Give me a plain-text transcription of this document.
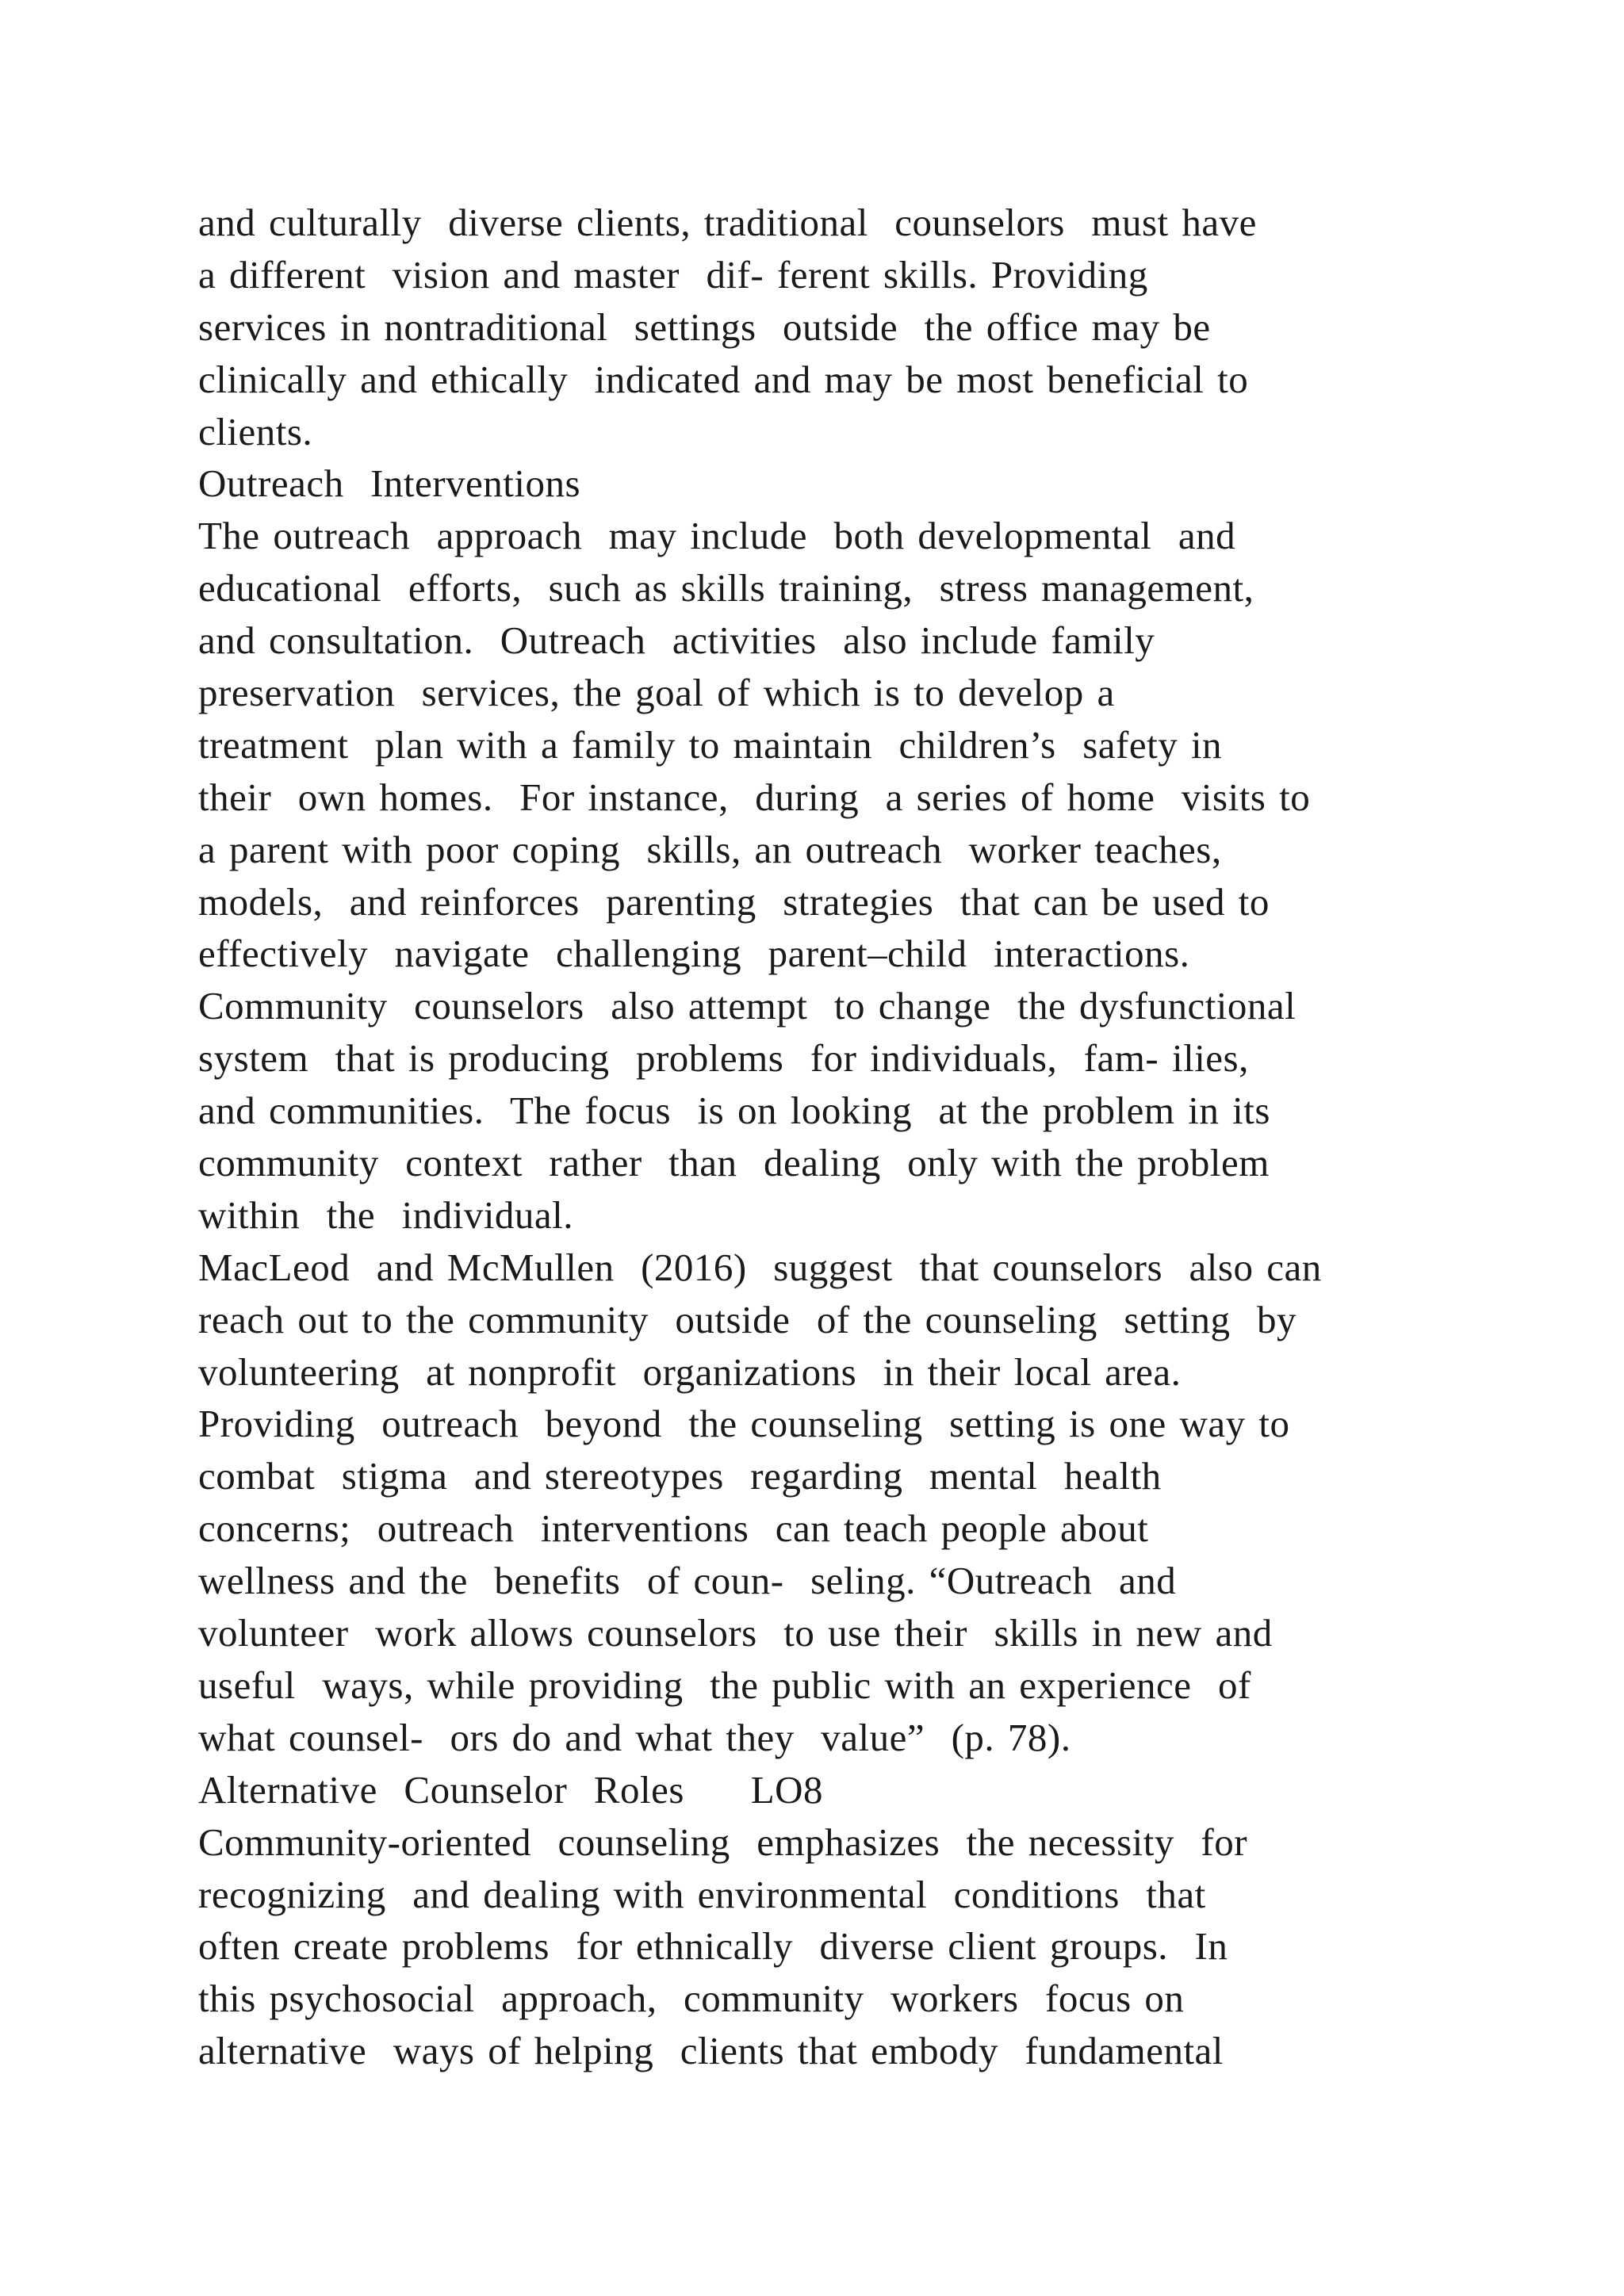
and culturally  diverse clients, traditional  counselors  must have
a different  vision and master  dif- ferent skills. Providing
services in nontraditional  settings  outside  the office may be
clinically and ethically  indicated and may be most beneficial to
clients.
Outreach  Interventions
The outreach  approach  may include  both developmental  and
educational  efforts,  such as skills training,  stress management,
and consultation.  Outreach  activities  also include family
preservation  services, the goal of which is to develop a
treatment  plan with a family to maintain  children’s  safety in
their  own homes.  For instance,  during  a series of home  visits to
a parent with poor coping  skills, an outreach  worker teaches,
models,  and reinforces  parenting  strategies  that can be used to
effectively  navigate  challenging  parent–child  interactions.
Community  counselors  also attempt  to change  the dysfunctional
system  that is producing  problems  for individuals,  fam- ilies,
and communities.  The focus  is on looking  at the problem in its
community  context  rather  than  dealing  only with the problem
within  the  individual.
MacLeod  and McMullen  (2016)  suggest  that counselors  also can
reach out to the community  outside  of the counseling  setting  by
volunteering  at nonprofit  organizations  in their local area.
Providing  outreach  beyond  the counseling  setting is one way to
combat  stigma  and stereotypes  regarding  mental  health
concerns;  outreach  interventions  can teach people about
wellness and the  benefits  of coun-  seling. “Outreach  and
volunteer  work allows counselors  to use their  skills in new and
useful  ways, while providing  the public with an experience  of
what counsel-  ors do and what they  value”  (p. 78).
Alternative  Counselor  Roles     LO8
Community-oriented  counseling  emphasizes  the necessity  for
recognizing  and dealing with environmental  conditions  that
often create problems  for ethnically  diverse client groups.  In
this psychosocial  approach,  community  workers  focus on
alternative  ways of helping  clients that embody  fundamental
